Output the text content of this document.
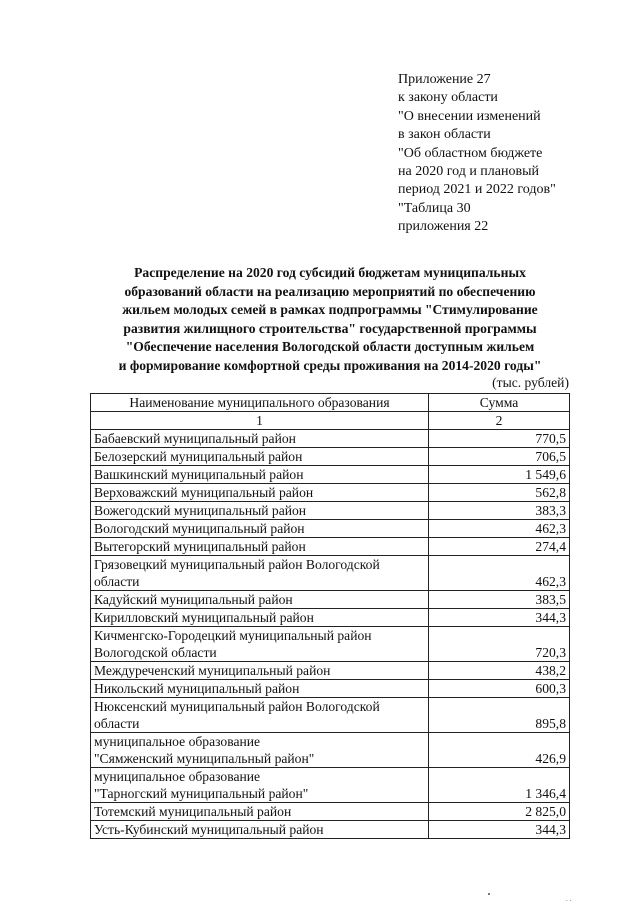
Приложение 27
к закону области
"О внесении изменений
в закон области
"Об областном бюджете
на 2020 год и плановый
период 2021 и 2022 годов"
"Таблица 30
приложения 22
Распределение на 2020 год субсидий бюджетам муниципальных
образований области на реализацию мероприятий по обеспечению
жильем молодых семей в рамках подпрограммы "Стимулирование
развития жилищного строительства" государственной программы
"Обеспечение населения Вологодской области доступным жильем
и формирование комфортной среды проживания на 2014-2020 годы"
(тыс. рублей)
Наименование муниципального образования	Сумма
1	2

Бабаевский муниципальный район	770,5

Белозерский муниципальный район	706,5

Вашкинский муниципальный район	1 549,6

Верховажский муниципальный район	562,8

Вожегодский муниципальный район	383,3

Вологодский муниципальный район	462,3

Вытегорский муниципальный район	274,4

Грязовецкий муниципальный район Вологодской
области	462,3

Кадуйский муниципальный район	383,5

Кирилловский муниципальный район	344,3

Кичменгско-Городецкий муниципальный район
Вологодской области	720,3

Междуреченский муниципальный район	438,2

Никольский муниципальный район	600,3

Нюксенский муниципальный район Вологодской
области	895,8

муниципальное образование
"Сямженский муниципальный район"	426,9

муниципальное образование
"Тарногский муниципальный район"	1 346,4

Тотемский муниципальный район	2 825,0

Усть-Кубинский муниципальный район	344,3
. .
